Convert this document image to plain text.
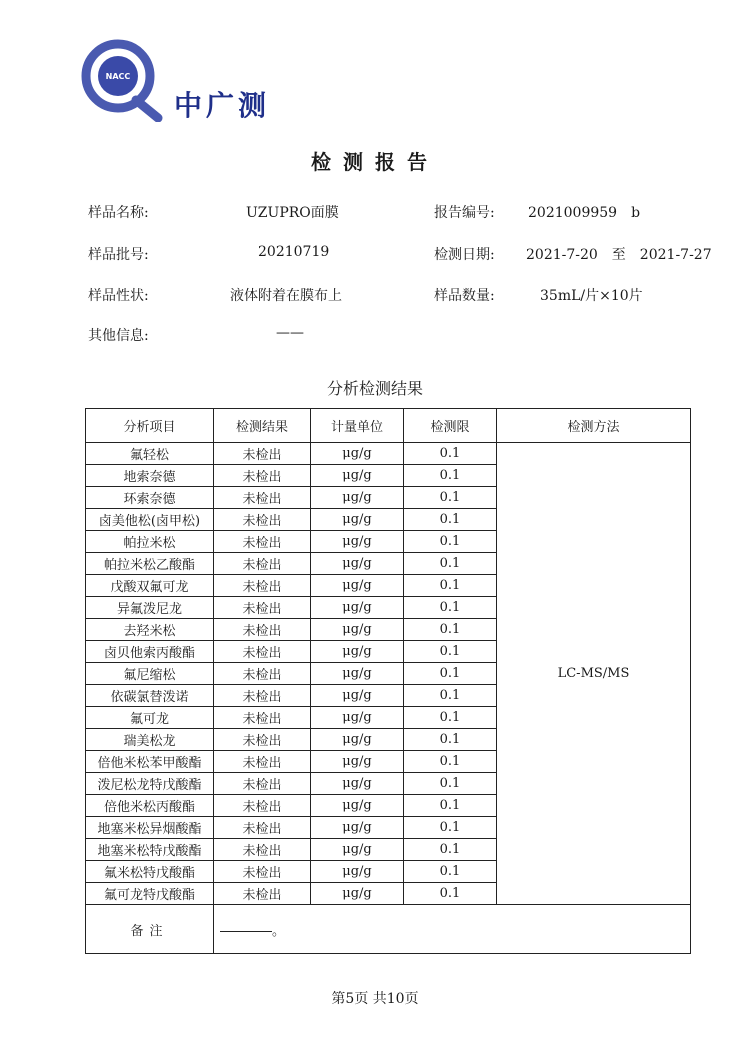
NACC
中广测
检测报告
样品名称:	UZUPRO面膜	报告编号: 2021009959　b
样品批号:	20210719	检测日期: 2021-7-20　至　2021-7-27
样品性状:	液体附着在膜布上	样品数量:	35mL/片×10片
其他信息:	——
分析检测结果
分析项目	检测结果	计量单位	检测限	检测方法
氟轻松	未检出	μg/g	0.1	LC-MS/MS
地索奈德	未检出	μg/g	0.1	
环索奈德	未检出	μg/g	0.1	
卤美他松(卤甲松)	未检出	μg/g	0.1	
帕拉米松	未检出	μg/g	0.1	
帕拉米松乙酸酯	未检出	μg/g	0.1	
戊酸双氟可龙	未检出	μg/g	0.1	
异氟泼尼龙	未检出	μg/g	0.1	
去羟米松	未检出	μg/g	0.1	
卤贝他索丙酸酯	未检出	μg/g	0.1	
氟尼缩松	未检出	μg/g	0.1	
依碳氯替泼诺	未检出	μg/g	0.1	
氟可龙	未检出	μg/g	0.1	
瑞美松龙	未检出	μg/g	0.1	
倍他米松苯甲酸酯	未检出	μg/g	0.1	
泼尼松龙特戊酸酯	未检出	μg/g	0.1	
倍他米松丙酸酯	未检出	μg/g	0.1	
地塞米松异烟酸酯	未检出	μg/g	0.1	
地塞米松特戊酸酯	未检出	μg/g	0.1	
氟米松特戊酸酯	未检出	μg/g	0.1	
氟可龙特戊酸酯	未检出	μg/g	0.1	
备注	。			
第5页 共10页
